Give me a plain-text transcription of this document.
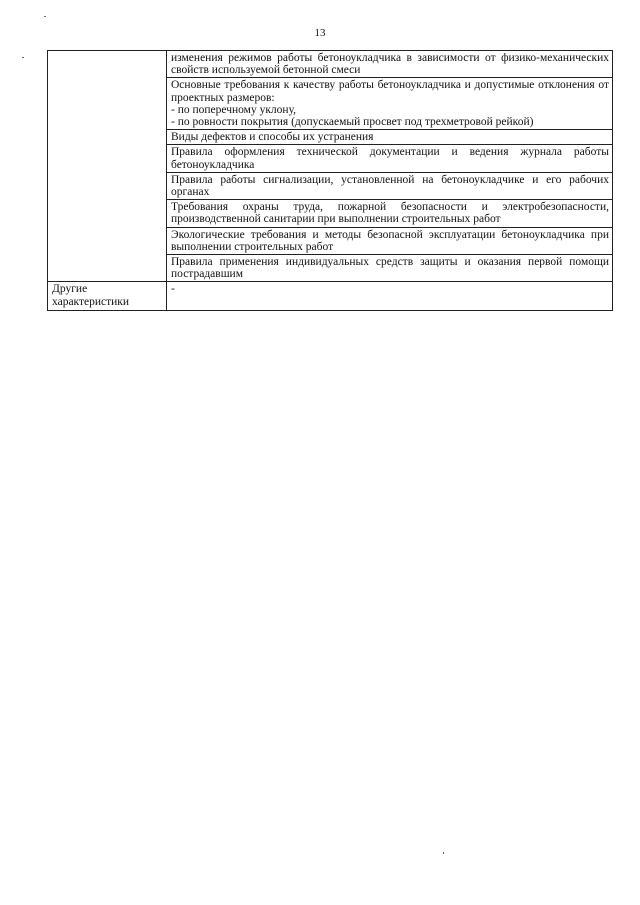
13

	изменения режимов работы бетоноукладчика в зависимости от физико-механических свойств используемой бетонной смеси

	Основные требования к качеству работы бетоноукладчика и допустимые отклонения от проектных размеров:
- по поперечному уклону,
- по ровности покрытия (допускаемый просвет под трехметровой рейкой)

	Виды дефектов и способы их устранения

	Правила оформления технической документации и ведения журнала работы бетоноукладчика

	Правила работы сигнализации, установленной на бетоноукладчике и его рабочих органах

	Требования охраны труда, пожарной безопасности и электробезопасности, производственной санитарии при выполнении строительных работ

	Экологические требования и методы безопасной эксплуатации бетоноукладчика при выполнении строительных работ

	Правила применения индивидуальных средств защиты и оказания первой помощи пострадавшим

Другие характеристики	-
